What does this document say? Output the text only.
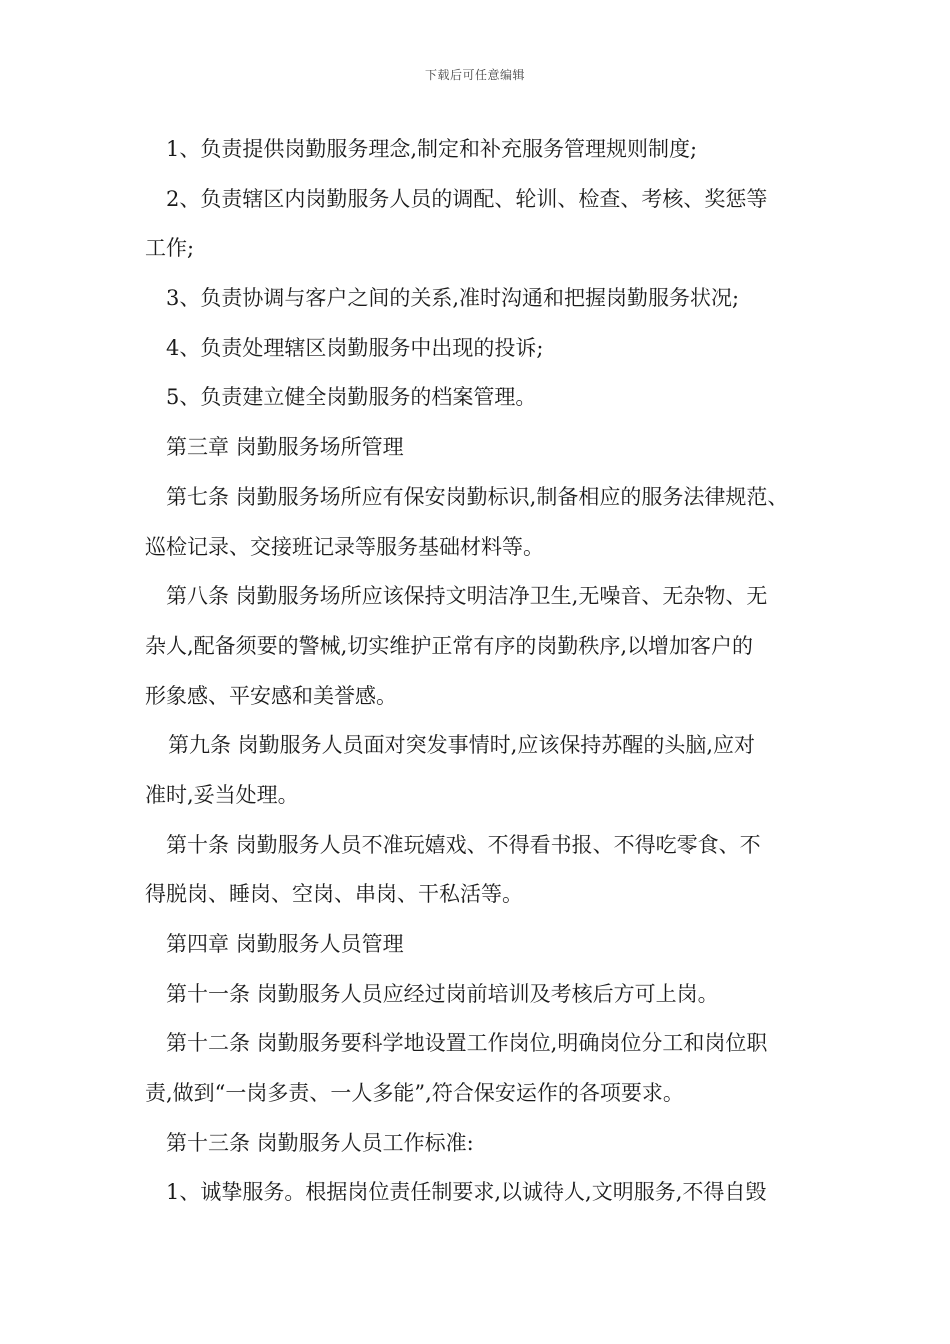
下载后可任意编辑
1、负责提供岗勤服务理念,制定和补充服务管理规则制度;
2、负责辖区内岗勤服务人员的调配、轮训、检查、考核、奖惩等
工作;
3、负责协调与客户之间的关系,准时沟通和把握岗勤服务状况;
4、负责处理辖区岗勤服务中出现的投诉;
5、负责建立健全岗勤服务的档案管理。
第三章 岗勤服务场所管理
第七条 岗勤服务场所应有保安岗勤标识,制备相应的服务法律规范、
巡检记录、交接班记录等服务基础材料等。
第八条 岗勤服务场所应该保持文明洁净卫生,无噪音、无杂物、无
杂人,配备须要的警械,切实维护正常有序的岗勤秩序,以增加客户的
形象感、平安感和美誉感。
第九条 岗勤服务人员面对突发事情时,应该保持苏醒的头脑,应对
准时,妥当处理。
第十条 岗勤服务人员不准玩嬉戏、不得看书报、不得吃零食、不
得脱岗、睡岗、空岗、串岗、干私活等。
第四章 岗勤服务人员管理
第十一条 岗勤服务人员应经过岗前培训及考核后方可上岗。
第十二条 岗勤服务要科学地设置工作岗位,明确岗位分工和岗位职
责,做到“一岗多责、一人多能”,符合保安运作的各项要求。
第十三条 岗勤服务人员工作标准:
1、诚挚服务。根据岗位责任制要求,以诚待人,文明服务,不得自毁
